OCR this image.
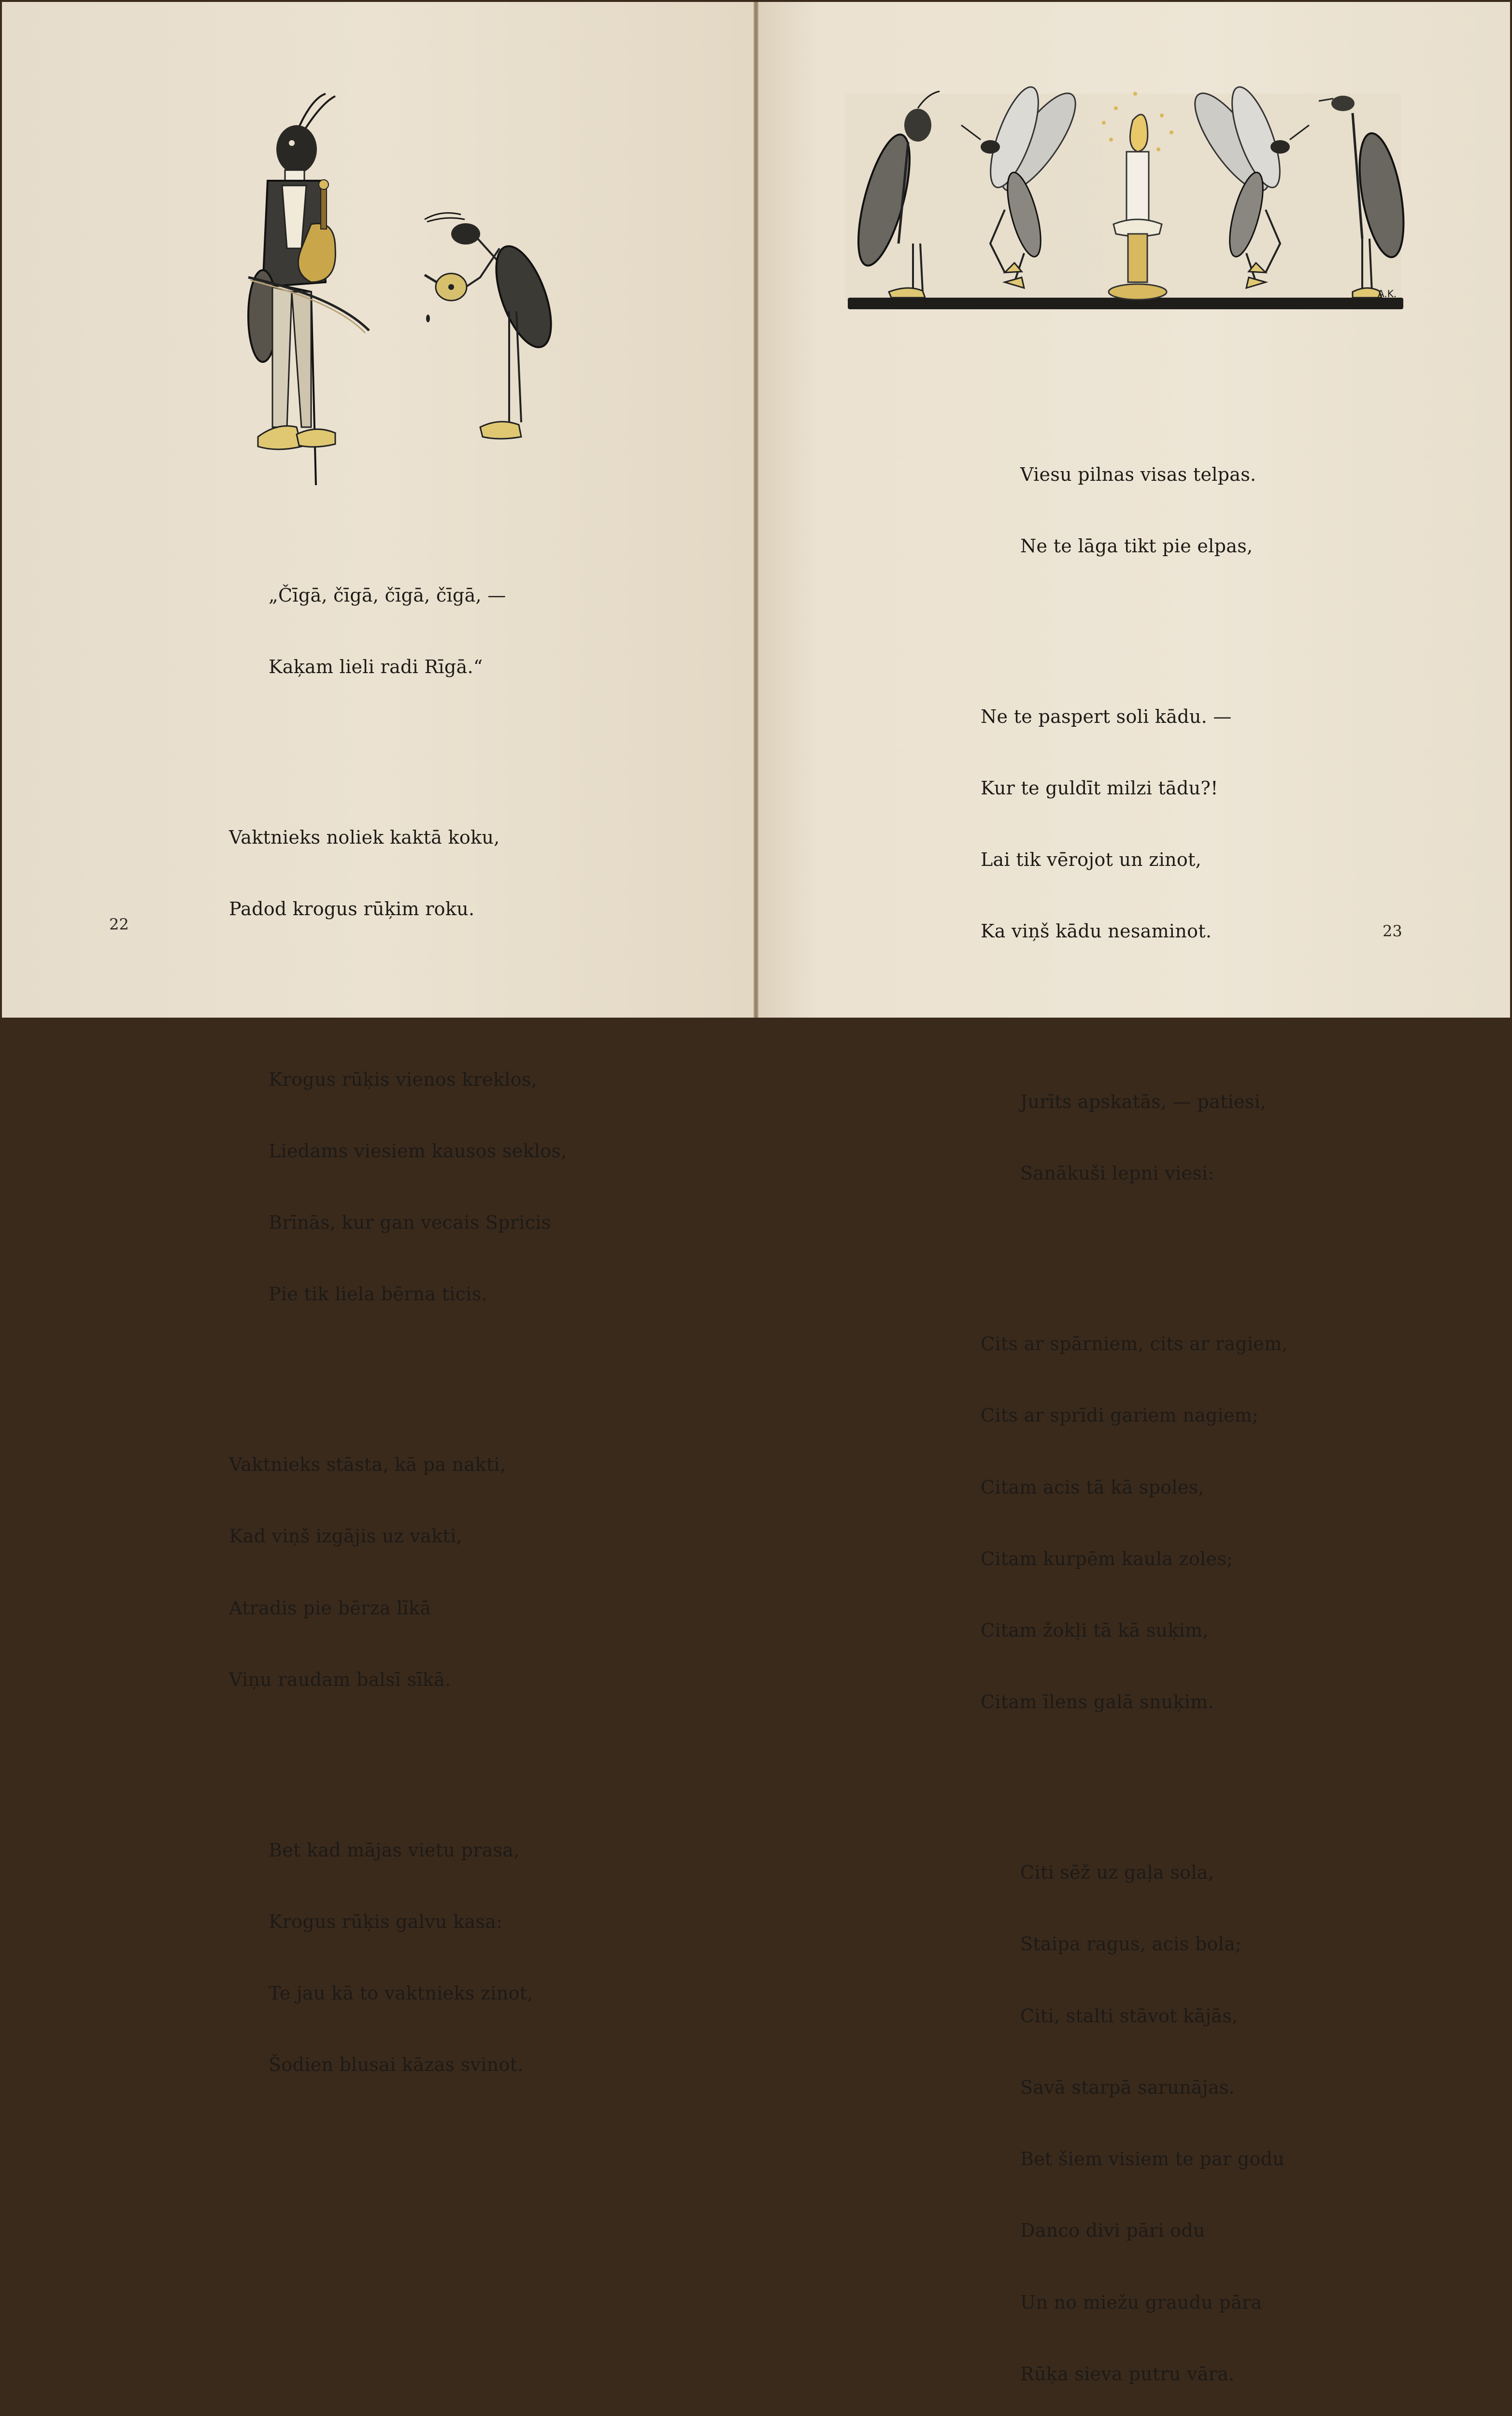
„Čīgā, čīgā, čīgā, čīgā, —

Kaķam lieli radi Rīgā.“

Vaktnieks noliek kaktā koku,

Padod krogus rūķim roku.

Krogus rūķis vienos kreklos,

Liedams viesiem kausos seklos,

Brīnās, kur gan vecais Spricis

Pie tik liela bērna ticis.

Vaktnieks stāsta, kā pa nakti,

Kad viņš izgājis uz vakti,

Atradis pie bērza līkā

Viņu raudam balsī sīkā.

Bet kad mājas vietu prasa,

Krogus rūķis galvu kasa:

Te jau kā to vaktnieks zinot,

Šodien blusai kāzas svinot.

22
A.K.

Viesu pilnas visas telpas.

Ne te lāga tikt pie elpas,

Ne te paspert soli kādu. —

Kur te guldīt milzi tādu?!

Lai tik vērojot un zinot,

Ka viņš kādu nesaminot.

Jurīts apskatās, — patiesi,

Sanākuši lepni viesi:

Cits ar spārniem, cits ar ragiem,

Cits ar sprīdi gariem nagiem;

Citam acis tā kā spoles,

Citam kurpēm kaula zoles;

Citam žokļi tā kā suķim,

Citam īlens galā snuķim.

Citi sēž uz gaļa sola,

Staipa ragus, acis bola;

Citi, stalti stāvot kājās,

Savā starpā sarunājas.

Bet šiem visiem te par godu

Danco divi pāri odu

Un no miežu graudu pāra

Rūķa sieva putru vāra.

23
